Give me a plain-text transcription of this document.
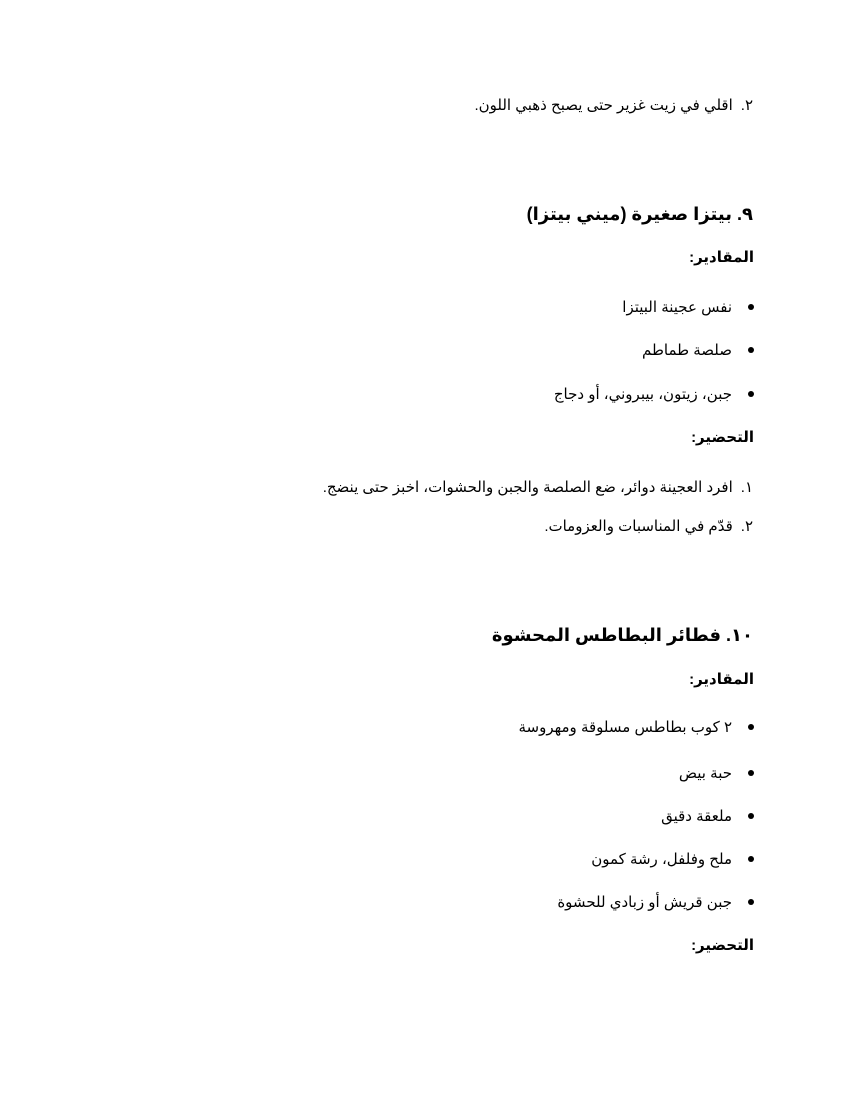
٢.اقلي في زيت غزير حتى يصبح ذهبي اللون.
٩. بيتزا صغيرة (ميني بيتزا)
المقادير:
نفس عجينة البيتزا
صلصة طماطم
جبن، زيتون، بيبروني، أو دجاج
التحضير:
١.افرد العجينة دوائر، ضع الصلصة والجبن والحشوات، اخبز حتى ينضج.
٢.قدّم في المناسبات والعزومات.
١٠. فطائر البطاطس المحشوة
المقادير:
٢ كوب بطاطس مسلوقة ومهروسة
حبة بيض
ملعقة دقيق
ملح وفلفل، رشة كمون
جبن قريش أو زبادي للحشوة
التحضير:
